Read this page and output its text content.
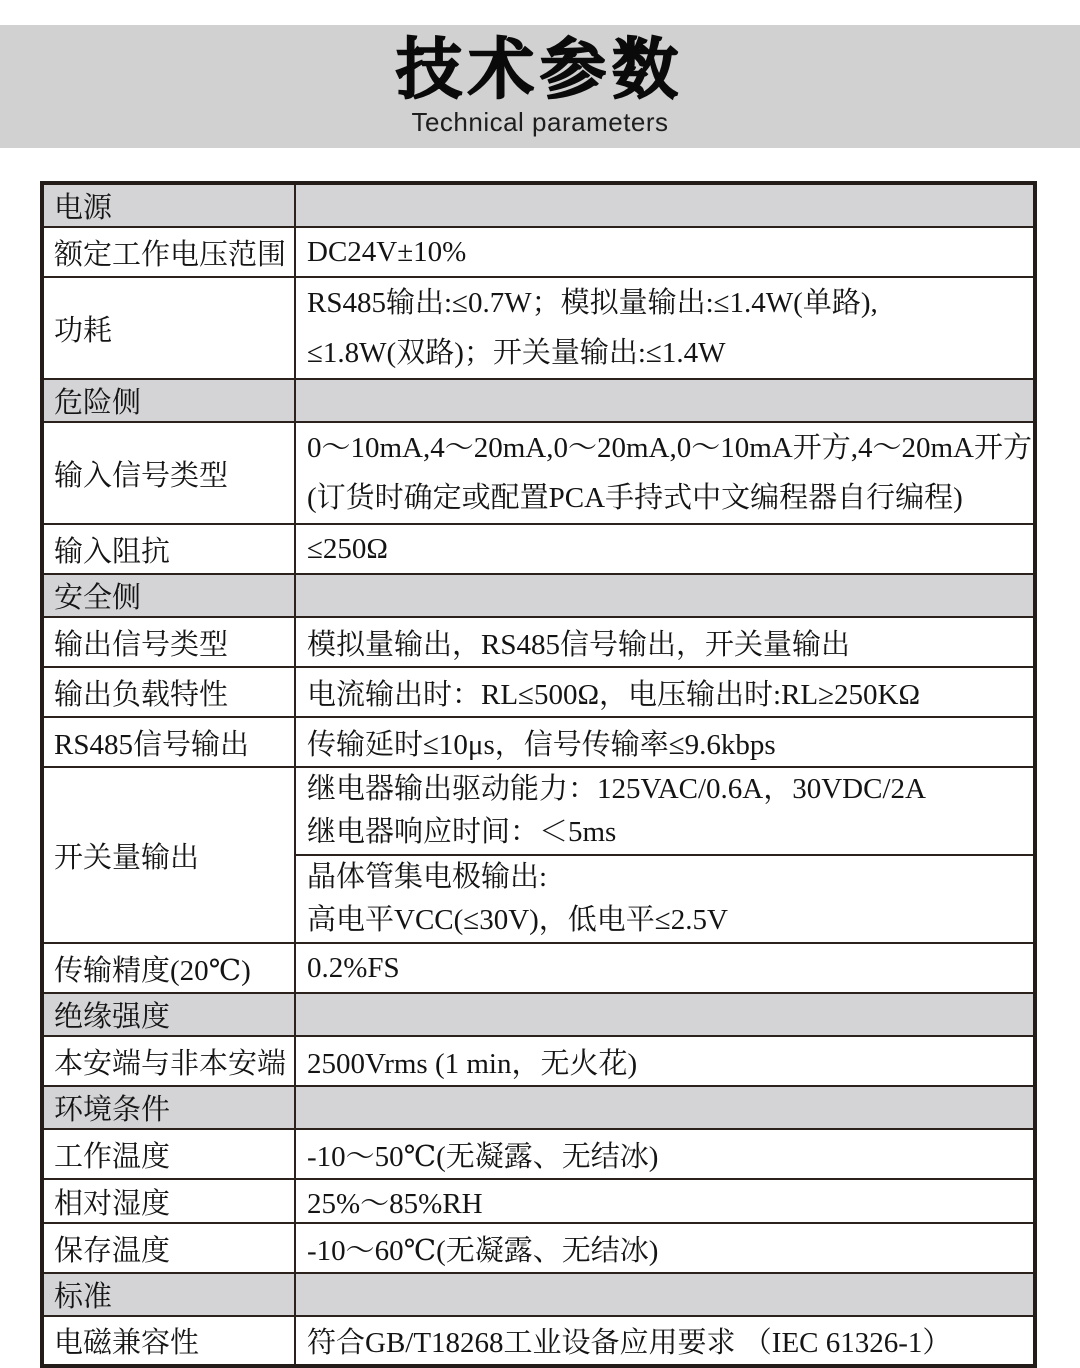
技术参数
Technical parameters
电源	
额定工作电压范围	DC24V±10%
功耗	RS485输出:≤0.7W；模拟量输出:≤1.4W(单路),
≤1.8W(双路)；开关量输出:≤1.4W

危险侧	
输入信号类型	0～10mA,4～20mA,0～20mA,0～10mA开方,4～20mA开方
(订货时确定或配置PCA手持式中文编程器自行编程)

输入阻抗	≤250Ω
安全侧	
输出信号类型	模拟量输出，RS485信号输出，开关量输出
输出负载特性	电流输出时：RL≤500Ω，电压输出时:RL≥250KΩ
RS485信号输出	传输延时≤10μs，信号传输率≤9.6kbps
开关量输出	继电器输出驱动能力：125VAC/0.6A，30VDC/2A
继电器响应时间：＜5ms

	晶体管集电极输出:
高电平VCC(≤30V)，低电平≤2.5V

传输精度(20℃)	0.2%FS
绝缘强度	
本安端与非本安端	2500Vrms (1 min，无火花)
环境条件	
工作温度	-10～50℃(无凝露、无结冰)
相对湿度	25%～85%RH
保存温度	-10～60℃(无凝露、无结冰)
标准	
电磁兼容性	符合GB/T18268工业设备应用要求 （IEC 61326-1）
